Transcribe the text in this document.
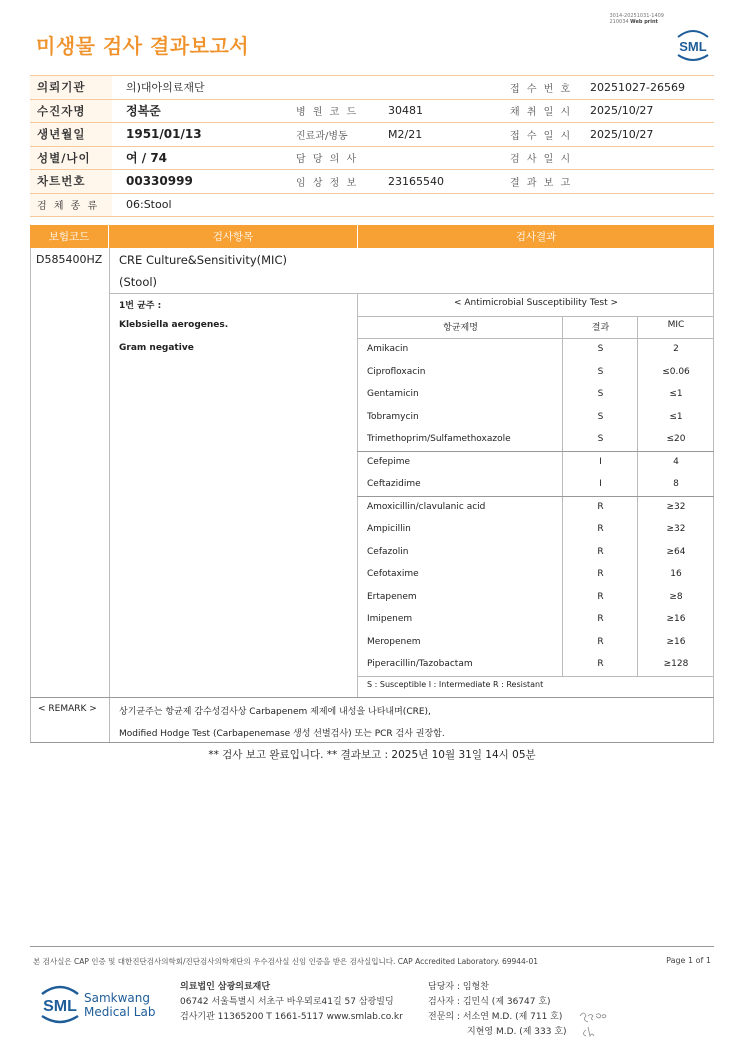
미생물 검사 결과보고서
3014-20251031-1409
210034 Web print
SML
의뢰기관	의)대아의료재단	접 수 번 호	20251027-26569
수진자명	정복준	병 원 코 드	30481	채 취 일 시	2025/10/27
생년월일	1951/01/13	진료과/병동	M2/21	접 수 일 시	2025/10/27
성별/나이	여 / 74	담 당 의 사	검 사 일 시
차트번호	00330999	임 상 정 보	23165540	결 과 보 고
검 체 종 류	06:Stool
보험코드	검사항목	검사결과
D585400HZ CRE Culture&Sensitivity(MIC)
(Stool)
1번 균주 :
Klebsiella aerogenes.
Gram negative
< Antimicrobial Susceptibility Test >
항균제명	결과	MIC
Amikacin	S	2
Ciprofloxacin	S	≤0.06
Gentamicin	S	≤1
Tobramycin	S	≤1
Trimethoprim/Sulfamethoxazole	S	≤20
Cefepime	I	4
Ceftazidime	I	8
Amoxicillin/clavulanic acid	R	≥32
Ampicillin	R	≥32
Cefazolin	R	≥64
Cefotaxime	R	16
Ertapenem	R	≥8
Imipenem	R	≥16
Meropenem	R	≥16
Piperacillin/Tazobactam	R	≥128
S : Susceptible I : Intermediate R : Resistant
< REMARK > 상기균주는 항균제 감수성검사상 Carbapenem 제제에 내성을 나타내며(CRE),
Modified Hodge Test (Carbapenemase 생성 선별검사) 또는 PCR 검사 권장함.
** 검사 보고 완료입니다. ** 결과보고 : 2025년 10월 31일 14시 05분
본 검사실은 CAP 인증 및 대한진단검사의학회/진단검사의학재단의 우수검사실 신임 인증을 받은 검사실입니다. CAP Accredited Laboratory. 69944-01	Page 1 of 1
SML Samkwang
Medical Lab
의료법인 삼광의료재단
06742 서울특별시 서초구 바우뫼로41길 57 삼광빌딩
검사기관 11365200 T 1661-5117 www.smlab.co.kr
담당자 : 임형찬
검사자 : 김민식 (제 36747 호)
전문의 : 서소연 M.D. (제 711 호)
지현영 M.D. (제 333 호)
